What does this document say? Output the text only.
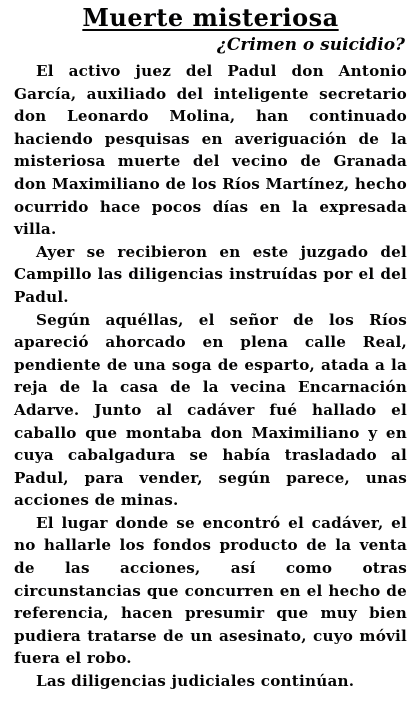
Muerte misteriosa
¿Crimen o suicidio?

El activo juez del Padul don Antonio García, auxiliado del inteligente secretario don Leonardo Molina, han continuado haciendo pesquisas en averiguación de la misteriosa muerte del vecino de Granada don Maximiliano de los Ríos Martínez, hecho ocurrido hace pocos días en la expresada villa.

Ayer se recibieron en este juzgado del Campillo las diligencias instruídas por el del Padul.

Según aquéllas, el señor de los Ríos apareció ahorcado en plena calle Real, pendiente de una soga de esparto, atada a la reja de la casa de la vecina Encarnación Adarve. Junto al cadáver fué hallado el caballo que montaba don Maximiliano y en cuya cabalgadura se había trasladado al Padul, para vender, según parece, unas acciones de minas.

El lugar donde se encontró el cadáver, el no hallarle los fondos producto de la venta de las acciones, así como otras circunstancias que concurren en el hecho de referencia, hacen presumir que muy bien pudiera tratarse de un asesinato, cuyo móvil fuera el robo.

Las diligencias judiciales continúan.
